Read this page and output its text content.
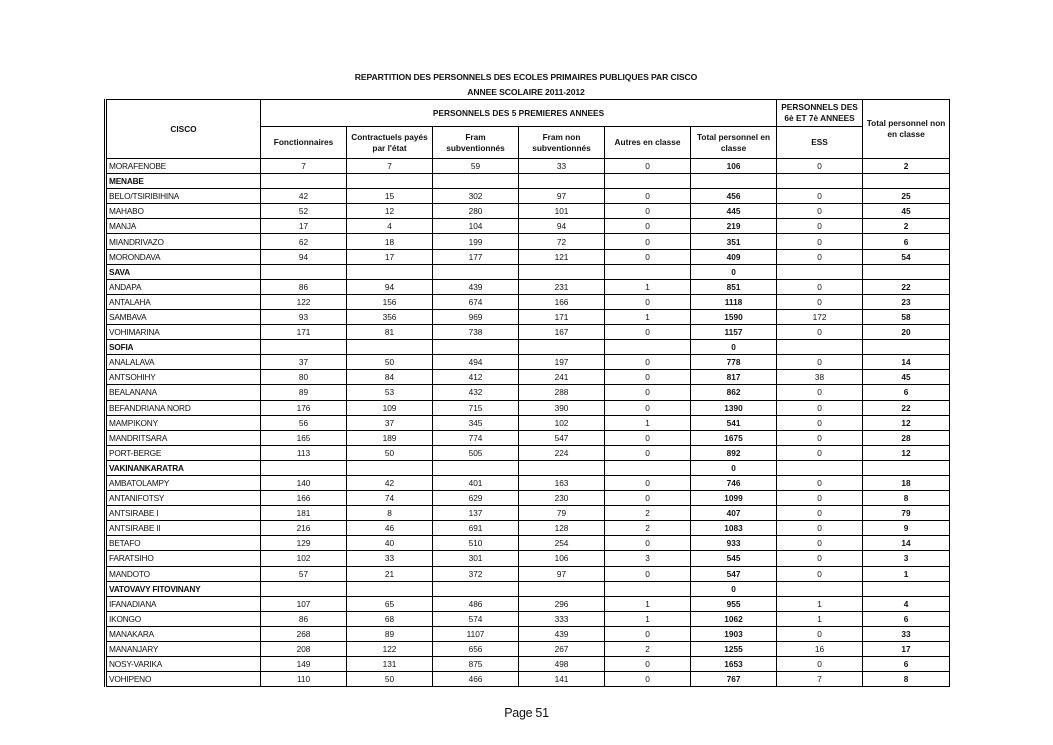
REPARTITION DES PERSONNELS DES ECOLES PRIMAIRES PUBLIQUES PAR CISCO
ANNEE SCOLAIRE 2011-2012
CISCO	PERSONNELS DES 5 PREMIERES ANNEES						PERSONNELS DES 6è ET 7è ANNEES	Total personnel non en classe
	Fonctionnaires	Contractuels payés par l'état	Fram subventionnés	Fram non subventionnés	Autres en classe	Total personnel en classe	ESS	
MORAFENOBE	7	7	59	33	0	106	0	2
MENABE								
BELO/TSIRIBIHINA	42	15	302	97	0	456	0	25
MAHABO	52	12	280	101	0	445	0	45
MANJA	17	4	104	94	0	219	0	2
MIANDRIVAZO	62	18	199	72	0	351	0	6
MORONDAVA	94	17	177	121	0	409	0	54
SAVA						0		
ANDAPA	86	94	439	231	1	851	0	22
ANTALAHA	122	156	674	166	0	1118	0	23
SAMBAVA	93	356	969	171	1	1590	172	58
VOHIMARINA	171	81	738	167	0	1157	0	20
SOFIA						0		
ANALALAVA	37	50	494	197	0	778	0	14
ANTSOHIHY	80	84	412	241	0	817	38	45
BEALANANA	89	53	432	288	0	862	0	6
BEFANDRIANA NORD	176	109	715	390	0	1390	0	22
MAMPIKONY	56	37	345	102	1	541	0	12
MANDRITSARA	165	189	774	547	0	1675	0	28
PORT-BERGE	113	50	505	224	0	892	0	12
VAKINANKARATRA						0		
AMBATOLAMPY	140	42	401	163	0	746	0	18
ANTANIFOTSY	166	74	629	230	0	1099	0	8
ANTSIRABE I	181	8	137	79	2	407	0	79
ANTSIRABE II	216	46	691	128	2	1083	0	9
BETAFO	129	40	510	254	0	933	0	14
FARATSIHO	102	33	301	106	3	545	0	3
MANDOTO	57	21	372	97	0	547	0	1
VATOVAVY FITOVINANY						0		
IFANADIANA	107	65	486	296	1	955	1	4
IKONGO	86	68	574	333	1	1062	1	6
MANAKARA	268	89	1107	439	0	1903	0	33
MANANJARY	208	122	656	267	2	1255	16	17
NOSY-VARIKA	149	131	875	498	0	1653	0	6
VOHIPENO	110	50	466	141	0	767	7	8
Page 51
